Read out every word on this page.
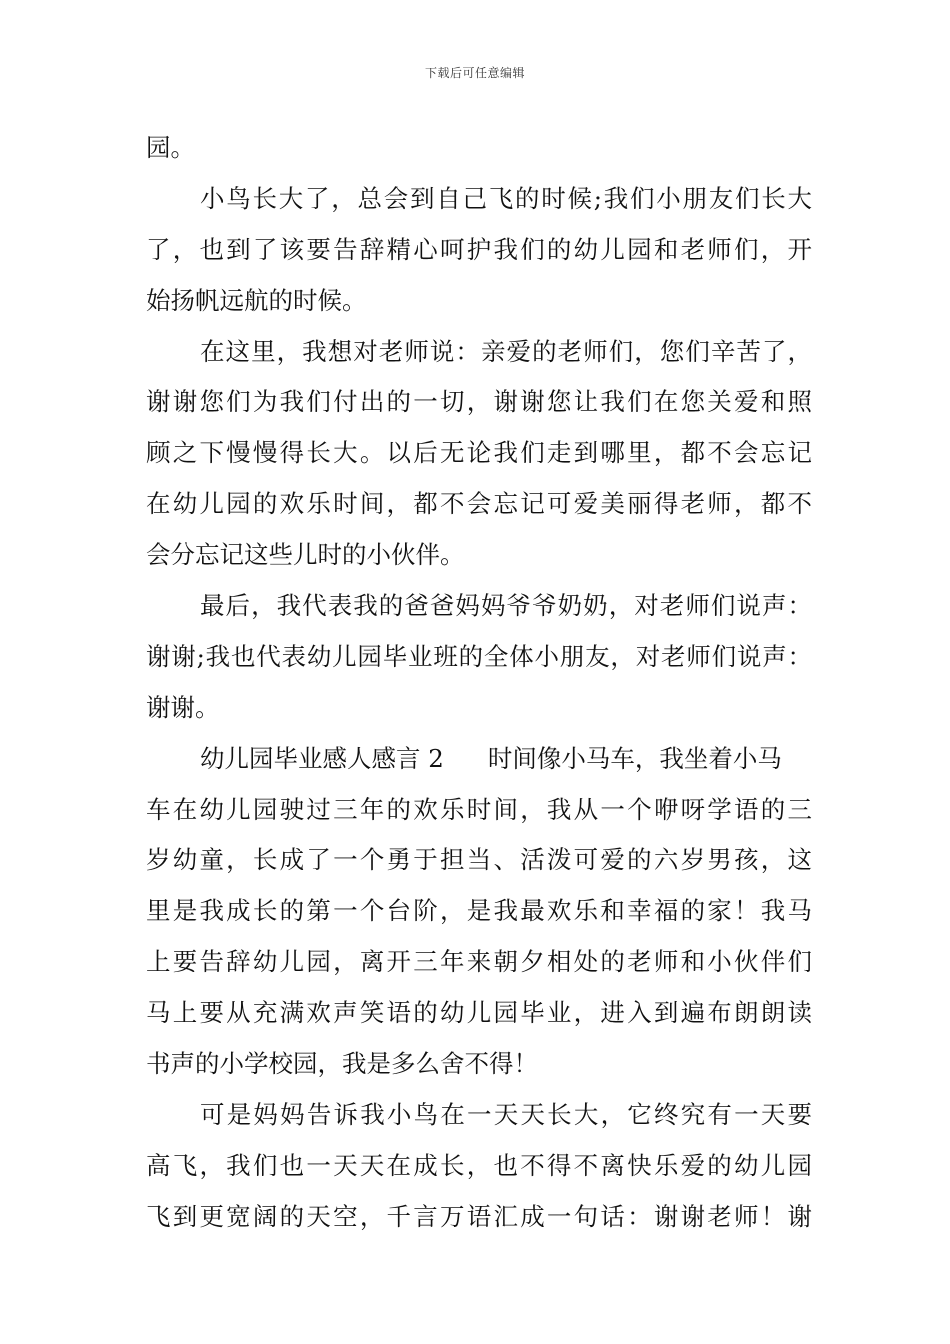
下载后可任意编辑
园。
小鸟长大了，总会到自己飞的时候;我们小朋友们长大
了，也到了该要告辞精心呵护我们的幼儿园和老师们，开
始扬帆远航的时候。
在这里，我想对老师说：亲爱的老师们，您们辛苦了，
谢谢您们为我们付出的一切，谢谢您让我们在您关爱和照
顾之下慢慢得长大。以后无论我们走到哪里，都不会忘记
在幼儿园的欢乐时间，都不会忘记可爱美丽得老师，都不
会分忘记这些儿时的小伙伴。
最后，我代表我的爸爸妈妈爷爷奶奶，对老师们说声：
谢谢;我也代表幼儿园毕业班的全体小朋友，对老师们说声：
谢谢。
幼儿园毕业感人感言 2 时间像小马车，我坐着小马
车在幼儿园驶过三年的欢乐时间，我从一个咿呀学语的三
岁幼童，长成了一个勇于担当、活泼可爱的六岁男孩，这
里是我成长的第一个台阶，是我最欢乐和幸福的家！我马
上要告辞幼儿园，离开三年来朝夕相处的老师和小伙伴们
马上要从充满欢声笑语的幼儿园毕业，进入到遍布朗朗读
书声的小学校园，我是多么舍不得！
可是妈妈告诉我小鸟在一天天长大，它终究有一天要
高飞，我们也一天天在成长，也不得不离快乐爱的幼儿园
飞到更宽阔的天空，千言万语汇成一句话：谢谢老师！谢
